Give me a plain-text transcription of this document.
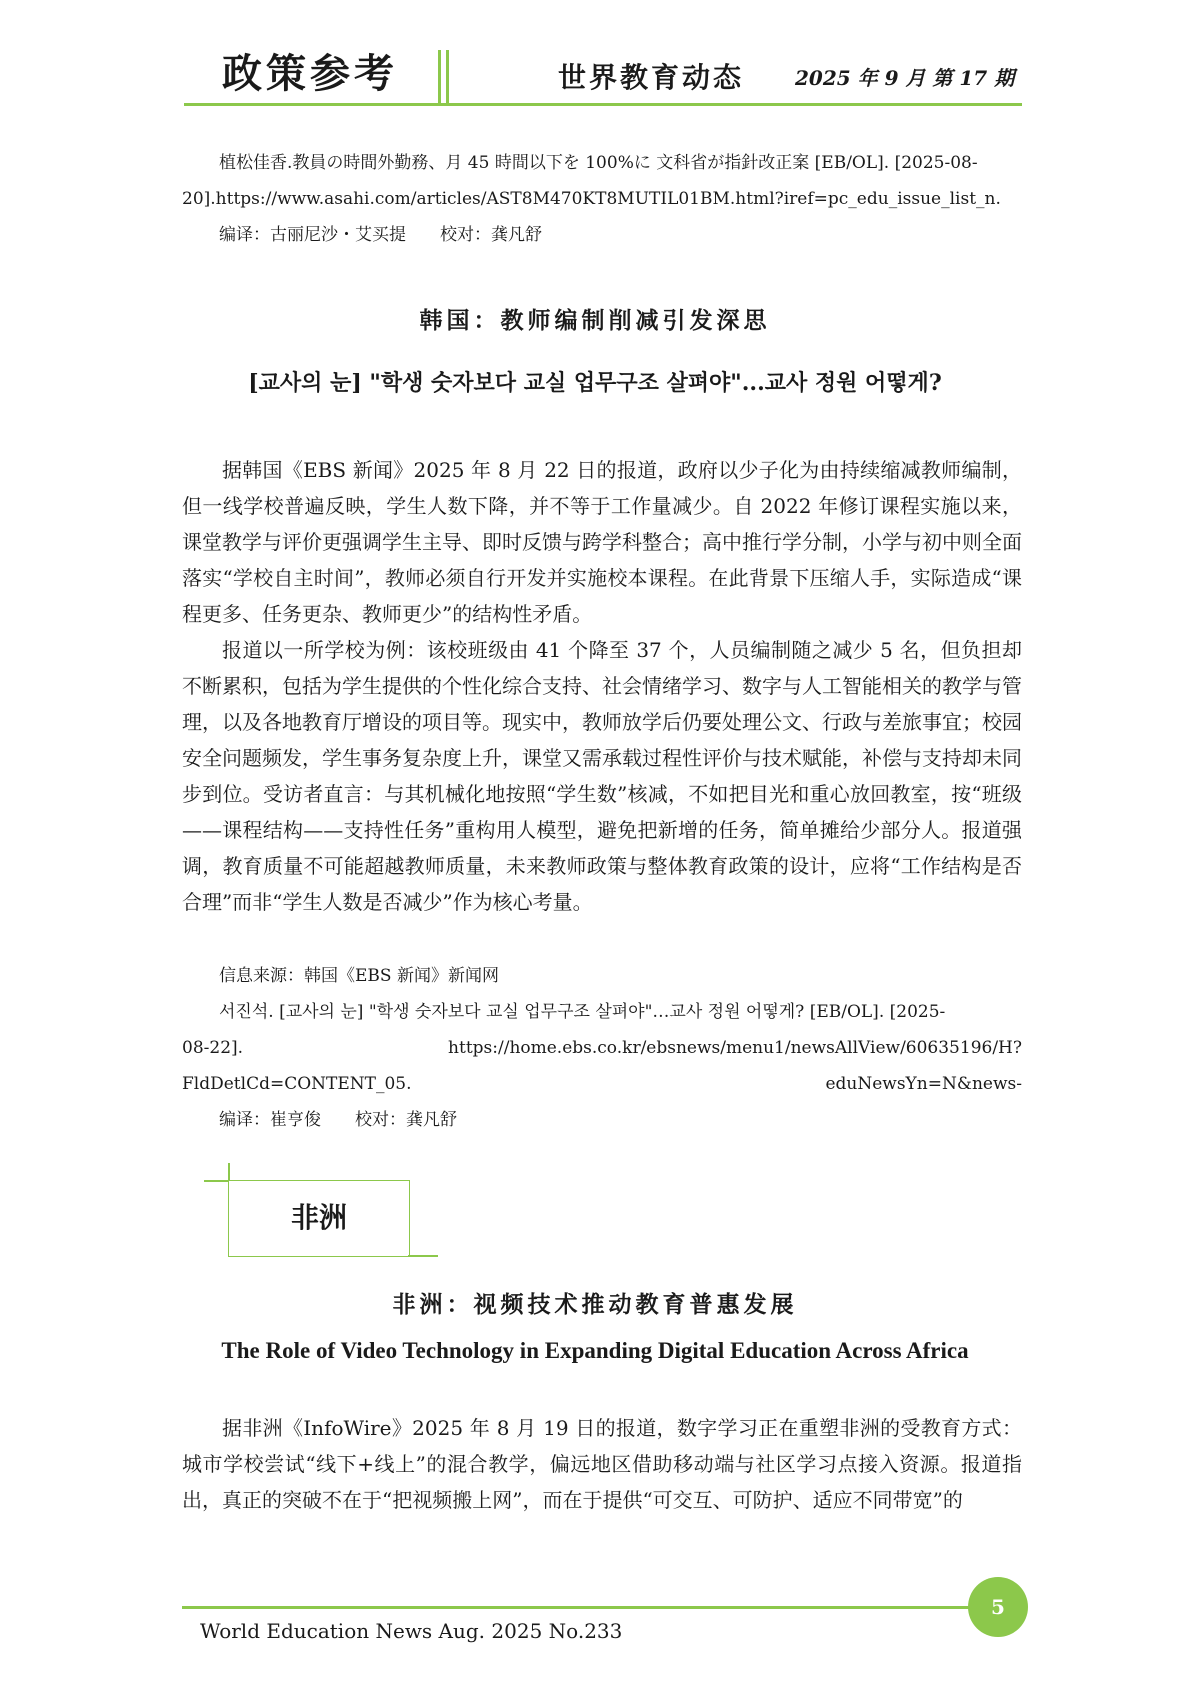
政策参考	世界教育动态	2025 年 9 月 第 17 期
植松佳香.教員の時間外勤務、月 45 時間以下を 100%に 文科省が指針改正案 [EB/OL]. [2025-08-
20].https://www.asahi.com/articles/AST8M470KT8MUTIL01BM.html?iref=pc_edu_issue_list_n.
编译：古丽尼沙・艾买提　　校对：龚凡舒
韩国：教师编制削减引发深思
[교사의 눈] "학생 숫자보다 교실 업무구조 살펴야"...교사 정원 어떻게?
据韩国《EBS 新闻》2025 年 8 月 22 日的报道，政府以少子化为由持续缩减教师编制，但一线学校普遍反映，学生人数下降，并不等于工作量减少。自 2022 年修订课程实施以来，课堂教学与评价更强调学生主导、即时反馈与跨学科整合；高中推行学分制，小学与初中则全面落实“学校自主时间”，教师必须自行开发并实施校本课程。在此背景下压缩人手，实际造成“课程更多、任务更杂、教师更少”的结构性矛盾。
报道以一所学校为例：该校班级由 41 个降至 37 个，人员编制随之减少 5 名，但负担却不断累积，包括为学生提供的个性化综合支持、社会情绪学习、数字与人工智能相关的教学与管理，以及各地教育厅增设的项目等。现实中，教师放学后仍要处理公文、行政与差旅事宜；校园安全问题频发，学生事务复杂度上升，课堂又需承载过程性评价与技术赋能，补偿与支持却未同步到位。受访者直言：与其机械化地按照“学生数”核减，不如把目光和重心放回教室，按“班级——课程结构——支持性任务”重构用人模型，避免把新增的任务，简单摊给少部分人。报道强调，教育质量不可能超越教师质量，未来教师政策与整体教育政策的设计，应将“工作结构是否合理”而非“学生人数是否减少”作为核心考量。
信息来源：韩国《EBS 新闻》新闻网
서진석. [교사의 눈] "학생 숫자보다 교실 업무구조 살펴야"…교사 정원 어떻게? [EB/OL]. [2025-
08-22].	https://home.ebs.co.kr/ebsnews/menu1/newsAllView/60635196/H?eduNewsYn=N&news-
FldDetlCd=CONTENT_05.
编译：崔亨俊　　校对：龚凡舒
非洲
非洲：视频技术推动教育普惠发展
The Role of Video Technology in Expanding Digital Education Across Africa
据非洲《InfoWire》2025 年 8 月 19 日的报道，数字学习正在重塑非洲的受教育方式：城市学校尝试“线下+线上”的混合教学，偏远地区借助移动端与社区学习点接入资源。报道指出，真正的突破不在于“把视频搬上网”，而在于提供“可交互、可防护、适应不同带宽”的
World Education News Aug. 2025 No.233
5
